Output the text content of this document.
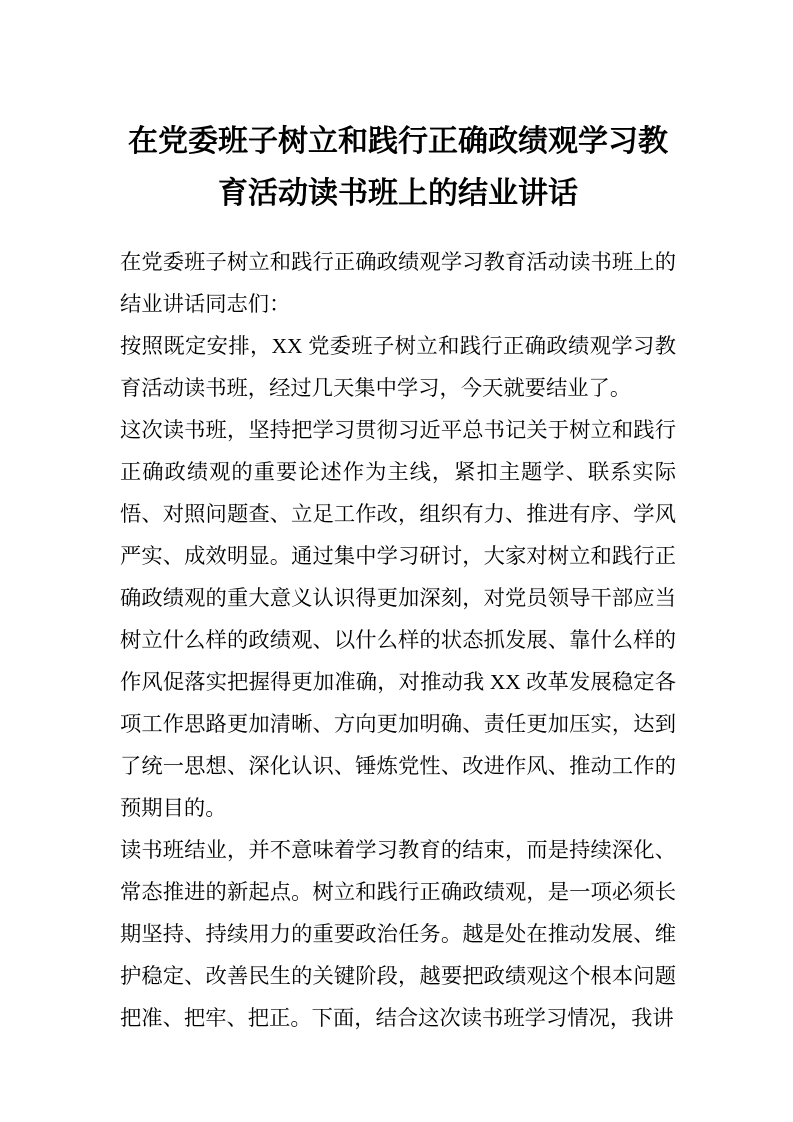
在党委班子树立和践行正确政绩观学习教育活动读书班上的结业讲话

在党委班子树立和践行正确政绩观学习教育活动读书班上的结业讲话同志们：

按照既定安排，XX 党委班子树立和践行正确政绩观学习教育活动读书班，经过几天集中学习，今天就要结业了。

这次读书班，坚持把学习贯彻习近平总书记关于树立和践行正确政绩观的重要论述作为主线，紧扣主题学、联系实际悟、对照问题查、立足工作改，组织有力、推进有序、学风严实、成效明显。通过集中学习研讨，大家对树立和践行正确政绩观的重大意义认识得更加深刻，对党员领导干部应当树立什么样的政绩观、以什么样的状态抓发展、靠什么样的作风促落实把握得更加准确，对推动我 XX 改革发展稳定各项工作思路更加清晰、方向更加明确、责任更加压实，达到了统一思想、深化认识、锤炼党性、改进作风、推动工作的预期目的。

读书班结业，并不意味着学习教育的结束，而是持续深化、常态推进的新起点。树立和践行正确政绩观，是一项必须长期坚持、持续用力的重要政治任务。越是处在推动发展、维护稳定、改善民生的关键阶段，越要把政绩观这个根本问题把准、把牢、把正。下面，结合这次读书班学习情况，我讲
